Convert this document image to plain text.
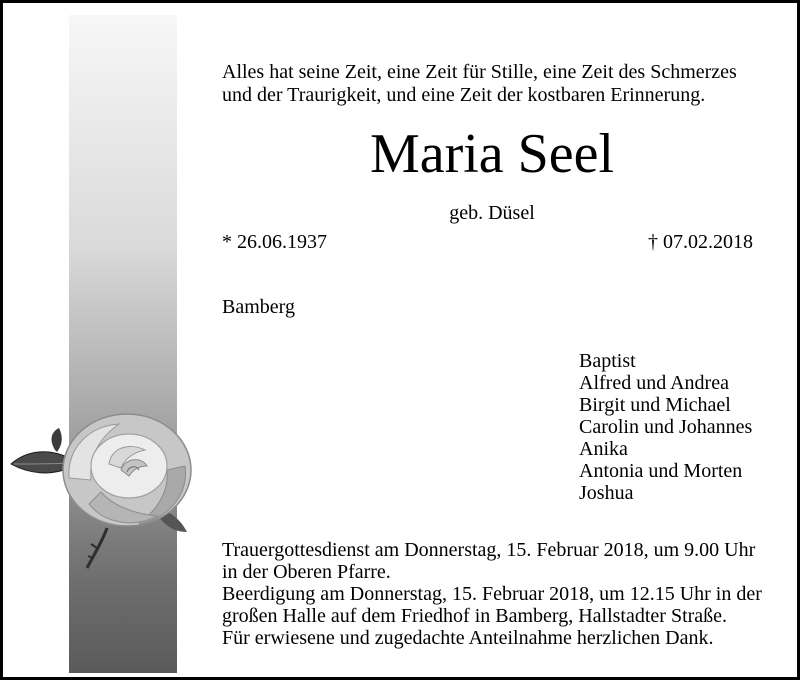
Alles hat seine Zeit, eine Zeit für Stille, eine Zeit des Schmerzes
und der Traurigkeit, und eine Zeit der kostbaren Erinnerung.
Maria Seel
geb. Düsel
* 26.06.1937	† 07.02.2018
Bamberg
Baptist
Alfred und Andrea
Birgit und Michael
Carolin und Johannes
Anika
Antonia und Morten
Joshua

Trauergottesdienst am Donnerstag, 15. Februar 2018, um 9.00 Uhr

in der Oberen Pfarre.

Beerdigung am Donnerstag, 15. Februar 2018, um 12.15 Uhr in der

großen Halle auf dem Friedhof in Bamberg, Hallstadter Straße.

Für erwiesene und zugedachte Anteilnahme herzlichen Dank.
